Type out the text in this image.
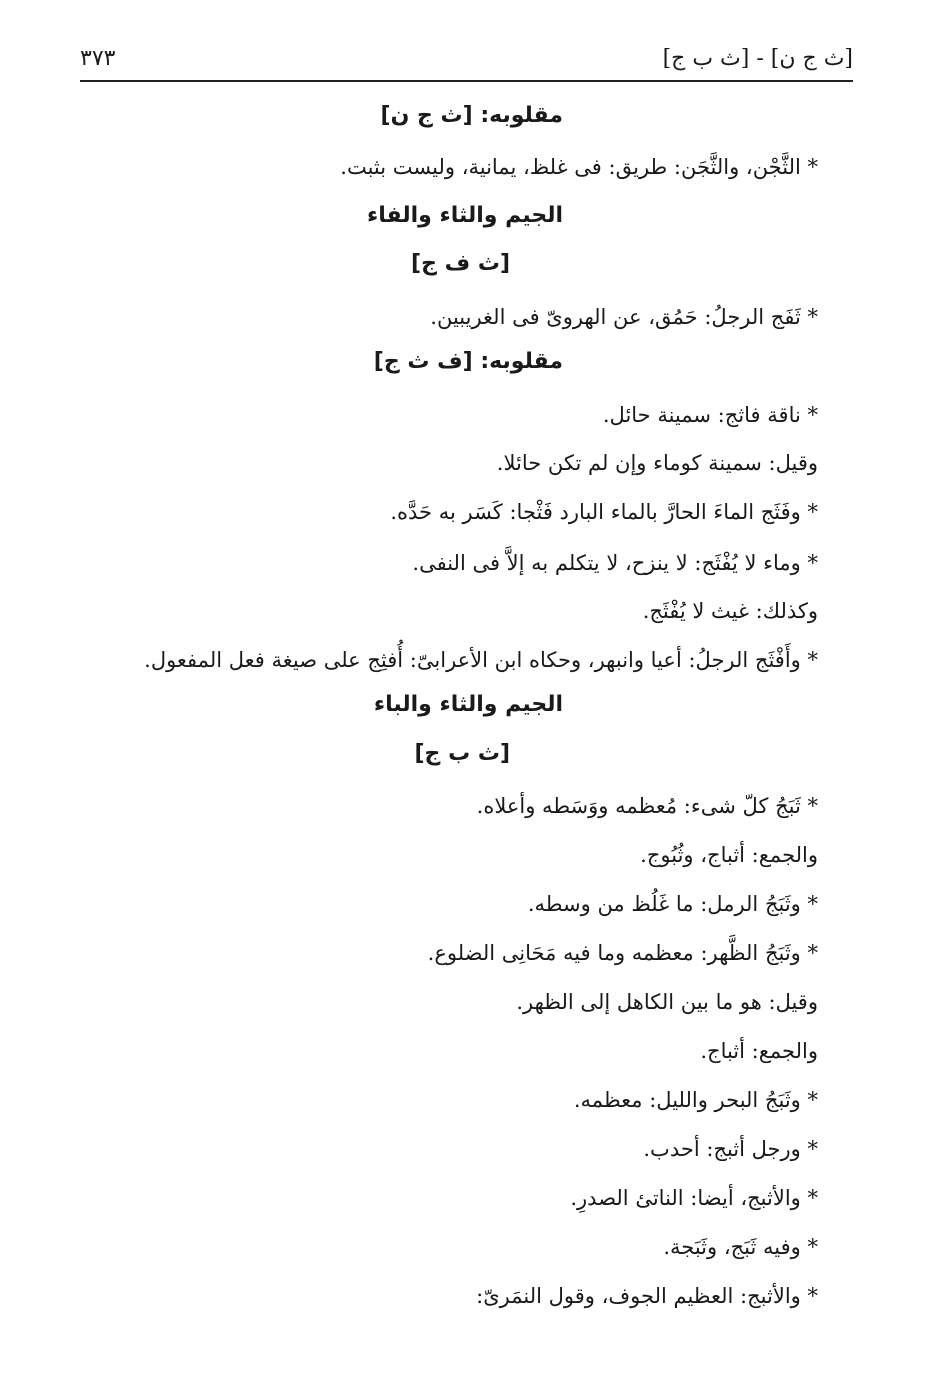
[ث ج ن] - [ث ب ج]
٣٧٣
مقلوبه: [ث ج ن]
* الثَّجْن، والثَّجَن: طريق: فى غلظ، يمانية، وليست بثبت.
الجيم والثاء والفاء
[ث ف ج]
* ثَفَج الرجلُ: حَمُق، عن الهروىّ فى الغريبين.
مقلوبه: [ف ث ج]
* ناقة فاثج: سمينة حائل.
وقيل: سمينة كوماء وإن لم تكن حائلا.
* وفَثَج الماءَ الحارَّ بالماء البارد فَثْجا: كَسَر به حَدَّه.
* وماء لا يُفْثَج: لا ينزح، لا يتكلم به إلاَّ فى النفى.
وكذلك: غيث لا يُفْثَج.
* وأَفْثَج الرجلُ: أعيا وانبهر، وحكاه ابن الأعرابىّ: أُفثِج على صيغة فعل المفعول.
الجيم والثاء والباء
[ث ب ج]
* ثَبَجُ كلّ شىء: مُعظمه ووَسَطه وأعلاه.
والجمع: أثباج، وثُبُوج.
* وثَبَجُ الرمل: ما غَلُظ من وسطه.
* وثَبَجُ الظَّهر: معظمه وما فيه مَحَانِى الضلوع.
وقيل: هو ما بين الكاهل إلى الظهر.
والجمع: أثباج.
* وثَبَجُ البحر والليل: معظمه.
* ورجل أثبج: أحدب.
* والأثبج، أيضا: الناتئ الصدرِ.
* وفيه ثَبَج، وثَبَجة.
* والأثبج: العظيم الجوف، وقول النمَرىّ:
